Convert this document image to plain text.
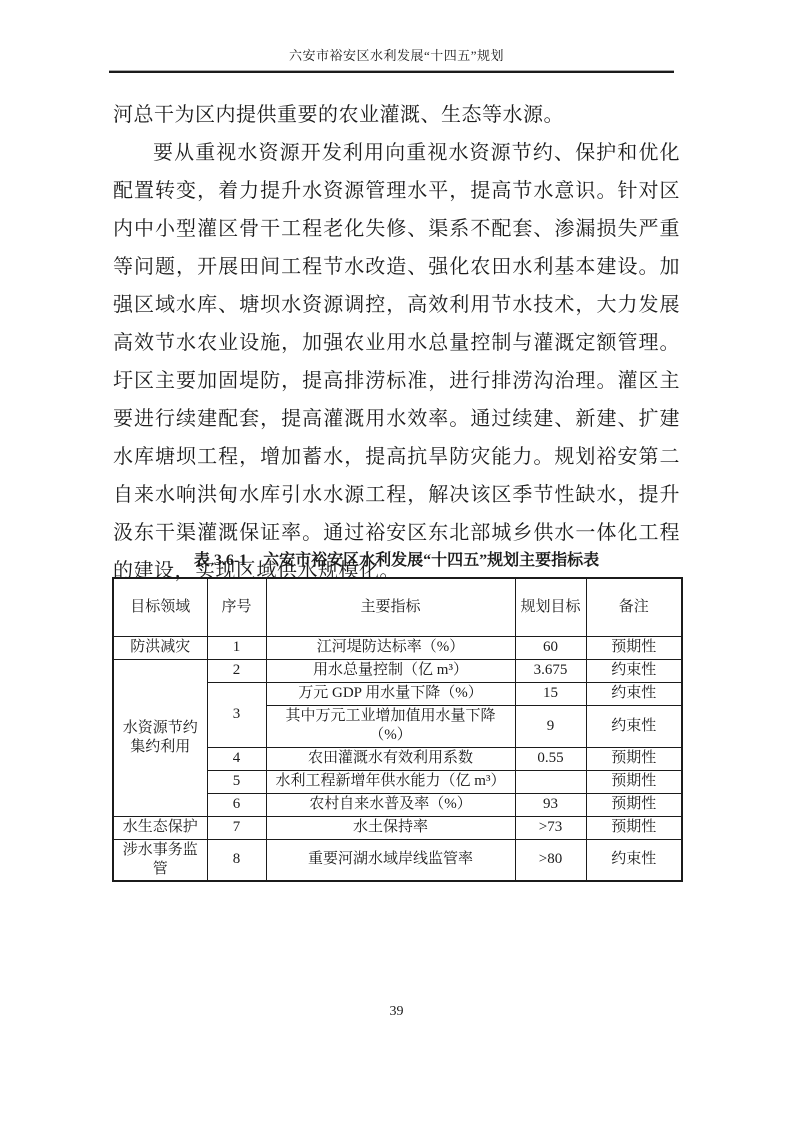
六安市裕安区水利发展“十四五”规划

河总干为区内提供重要的农业灌溉、生态等水源。

要从重视水资源开发利用向重视水资源节约、保护和优化配置转变，着力提升水资源管理水平，提高节水意识。针对区内中小型灌区骨干工程老化失修、渠系不配套、渗漏损失严重等问题，开展田间工程节水改造、强化农田水利基本建设。加强区域水库、塘坝水资源调控，高效利用节水技术，大力发展高效节水农业设施，加强农业用水总量控制与灌溉定额管理。圩区主要加固堤防，提高排涝标准，进行排涝沟治理。灌区主要进行续建配套，提高灌溉用水效率。通过续建、新建、扩建水库塘坝工程，增加蓄水，提高抗旱防灾能力。规划裕安第二自来水响洪甸水库引水水源工程，解决该区季节性缺水，提升汲东干渠灌溉保证率。通过裕安区东北部城乡供水一体化工程的建设，实现区域供水规模化。

表 3.6-1　六安市裕安区水利发展“十四五”规划主要指标表
目标领域	序号	主要指标	规划目标	备注
防洪减灾	1	江河堤防达标率（%）	60	预期性
水资源节约集约利用	2	用水总量控制（亿 m³）	3.675	约束性
	3	万元 GDP 用水量下降（%）	15	约束性
		其中万元工业增加值用水量下降（%）	9	约束性
	4	农田灌溉水有效利用系数	0.55	预期性
	5	水利工程新增年供水能力（亿 m³）		预期性
	6	农村自来水普及率（%）	93	预期性
水生态保护	7	水土保持率	>73	预期性
涉水事务监管	8	重要河湖水域岸线监管率	>80	约束性
39
